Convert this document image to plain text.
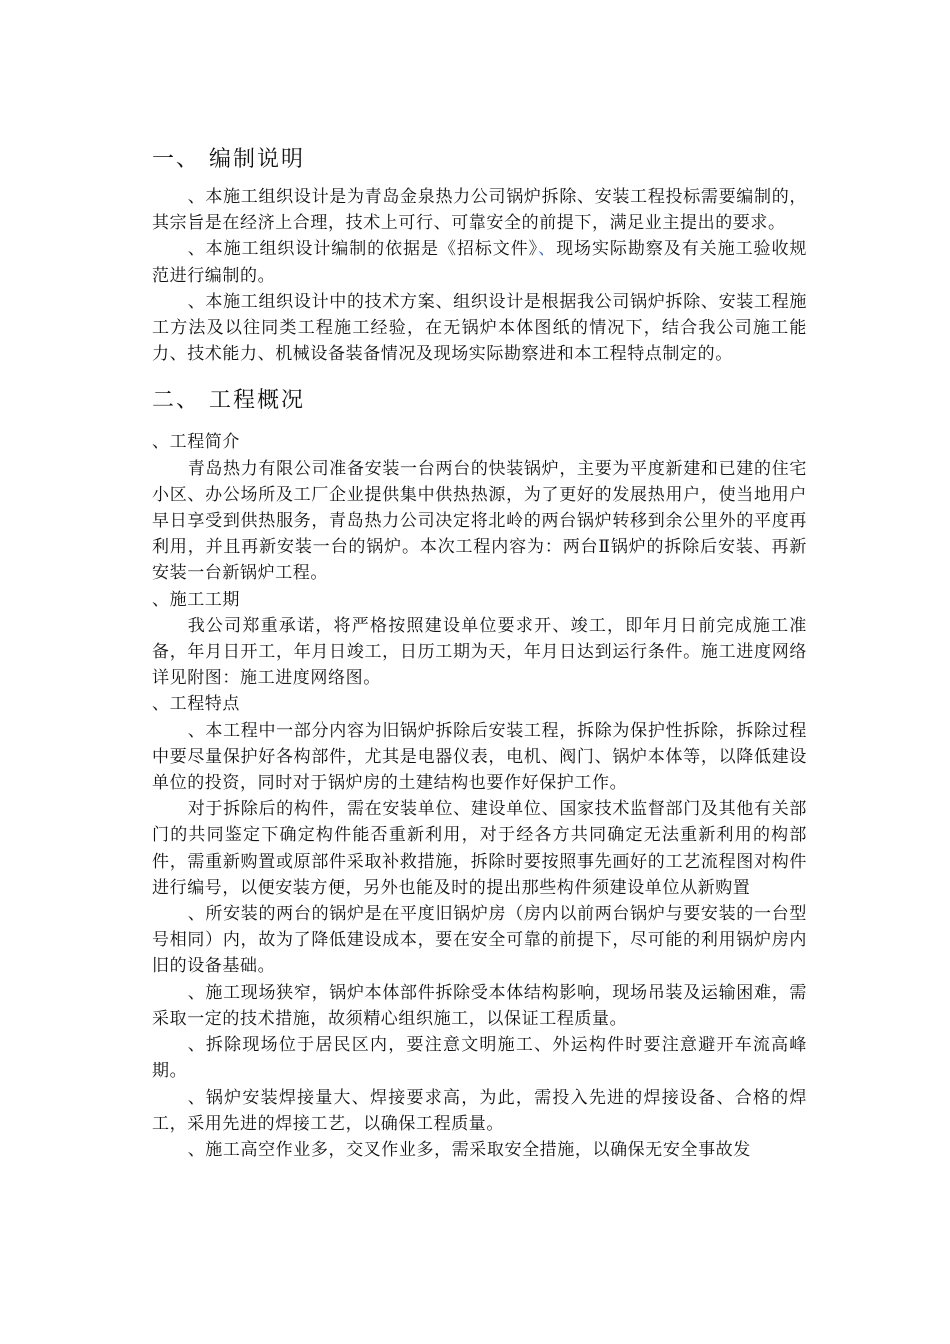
一、 编制说明

、本施工组织设计是为青岛金泉热力公司锅炉拆除、安装工程投标需要编制的，其宗旨是在经济上合理，技术上可行、可靠安全的前提下，满足业主提出的要求。

、本施工组织设计编制的依据是《招标文件》、现场实际勘察及有关施工验收规范进行编制的。

、本施工组织设计中的技术方案、组织设计是根据我公司锅炉拆除、安装工程施工方法及以往同类工程施工经验，在无锅炉本体图纸的情况下，结合我公司施工能力、技术能力、机械设备装备情况及现场实际勘察进和本工程特点制定的。

二、 工程概况

、工程简介

青岛热力有限公司准备安装一台两台的快装锅炉，主要为平度新建和已建的住宅小区、办公场所及工厂企业提供集中供热热源，为了更好的发展热用户，使当地用户早日享受到供热服务，青岛热力公司决定将北岭的两台锅炉转移到余公里外的平度再利用，并且再新安装一台的锅炉。本次工程内容为：两台Ⅱ锅炉的拆除后安装、再新安装一台新锅炉工程。

、施工工期

我公司郑重承诺，将严格按照建设单位要求开、竣工，即年月日前完成施工准备，年月日开工，年月日竣工，日历工期为天，年月日达到运行条件。施工进度网络详见附图：施工进度网络图。

、工程特点

、本工程中一部分内容为旧锅炉拆除后安装工程，拆除为保护性拆除，拆除过程中要尽量保护好各构部件，尤其是电器仪表，电机、阀门、锅炉本体等，以降低建设单位的投资，同时对于锅炉房的土建结构也要作好保护工作。

对于拆除后的构件，需在安装单位、建设单位、国家技术监督部门及其他有关部门的共同鉴定下确定构件能否重新利用，对于经各方共同确定无法重新利用的构部件，需重新购置或原部件采取补救措施，拆除时要按照事先画好的工艺流程图对构件进行编号，以便安装方便，另外也能及时的提出那些构件须建设单位从新购置

、所安装的两台的锅炉是在平度旧锅炉房（房内以前两台锅炉与要安装的一台型号相同）内，故为了降低建设成本，要在安全可靠的前提下，尽可能的利用锅炉房内旧的设备基础。

、施工现场狭窄，锅炉本体部件拆除受本体结构影响，现场吊装及运输困难，需采取一定的技术措施，故须精心组织施工，以保证工程质量。

、拆除现场位于居民区内，要注意文明施工、外运构件时要注意避开车流高峰期。

、锅炉安装焊接量大、焊接要求高，为此，需投入先进的焊接设备、合格的焊工，采用先进的焊接工艺，以确保工程质量。

、施工高空作业多，交叉作业多，需采取安全措施，以确保无安全事故发
